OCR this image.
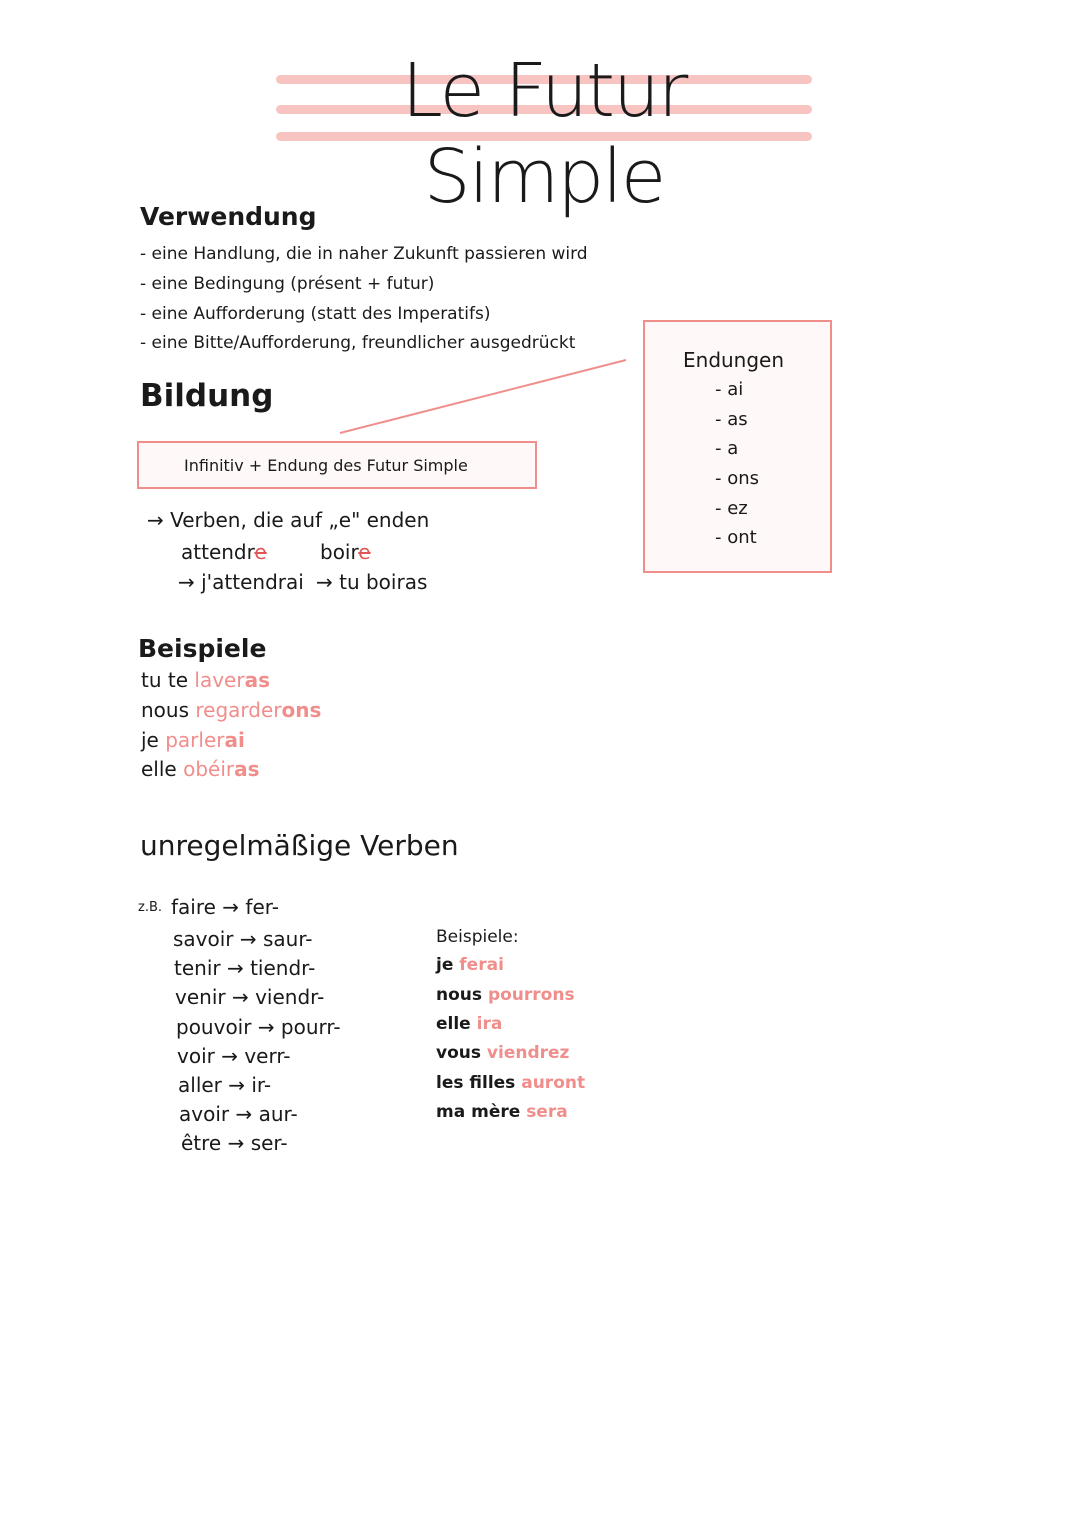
Le Futur Simple
Verwendung
- eine Handlung, die in naher Zukunft passieren wird
- eine Bedingung (présent + futur)
- eine Aufforderung (statt des Imperatifs)
- eine Bitte/Aufforderung, freundlicher ausgedrückt
Bildung
Infinitiv + Endung des Futur Simple
→ Verben, die auf „e" enden
attendre	boire
→ j'attendrai → tu boiras
Endungen
- ai
- as
- a
- ons
- ez
- ont
Beispiele
tu te laveras
nous regarderons
je parlerai
elle obéiras
unregelmäßige Verben
z.B. faire → fer-
savoir → saur-
tenir → tiendr-
venir → viendr-
pouvoir → pourr-
voir → verr-
aller → ir-
avoir → aur-
être → ser-
Beispiele:
je ferai
nous pourrons
elle ira
vous viendrez
les filles auront
ma mère sera
